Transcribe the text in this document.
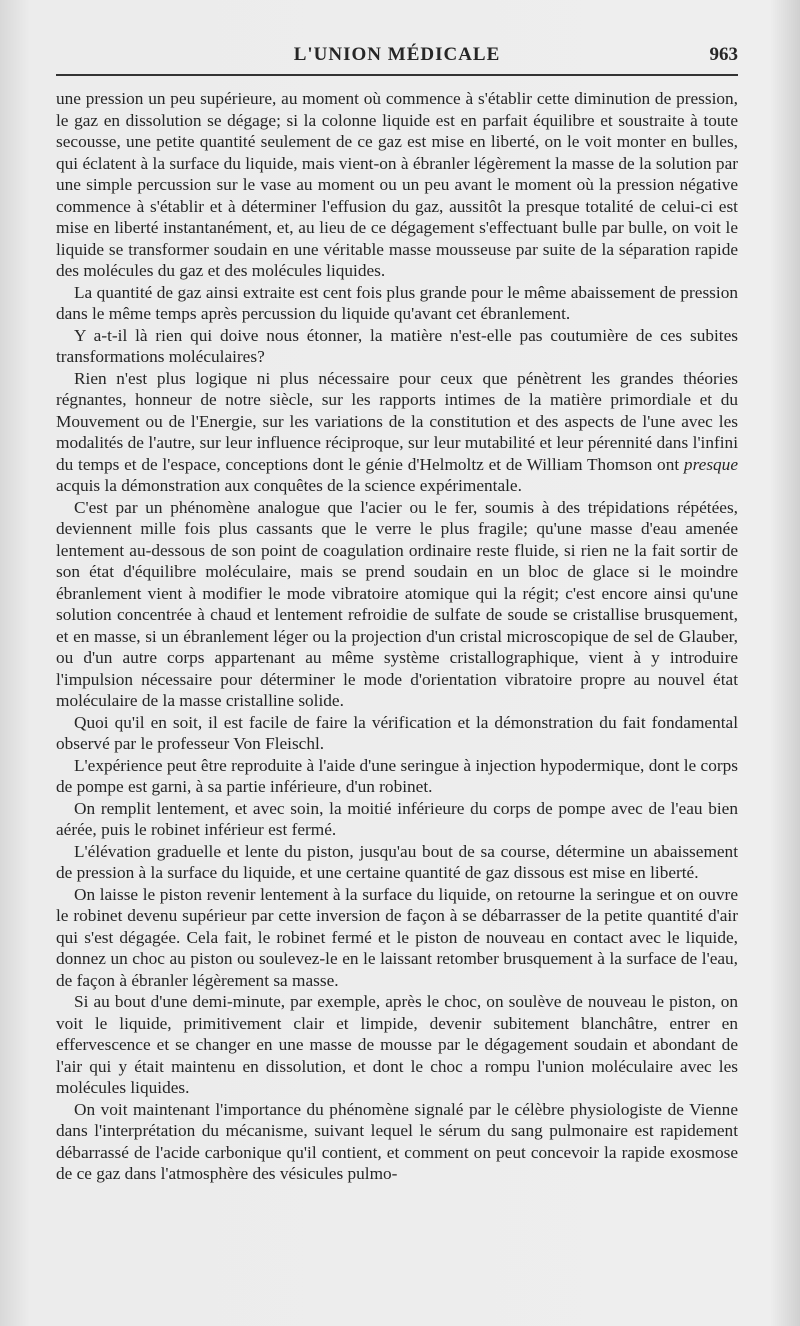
L'UNION MÉDICALE	963

une pression un peu supérieure, au moment où commence à s'établir cette diminution de pression, le gaz en dissolution se dégage; si la colonne liquide est en parfait équilibre et soustraite à toute secousse, une petite quantité seulement de ce gaz est mise en liberté, on le voit monter en bulles, qui éclatent à la surface du liquide, mais vient-on à ébranler légèrement la masse de la solution par une simple percussion sur le vase au moment ou un peu avant le moment où la pression négative commence à s'établir et à déterminer l'effusion du gaz, aussitôt la presque totalité de celui-ci est mise en liberté instantanément, et, au lieu de ce dégagement s'effectuant bulle par bulle, on voit le liquide se transformer soudain en une véritable masse mousseuse par suite de la séparation rapide des molécules du gaz et des molécules liquides.

La quantité de gaz ainsi extraite est cent fois plus grande pour le même abaissement de pression dans le même temps après percussion du liquide qu'avant cet ébranlement.

Y a-t-il là rien qui doive nous étonner, la matière n'est-elle pas coutumière de ces subites transformations moléculaires?

Rien n'est plus logique ni plus nécessaire pour ceux que pénètrent les grandes théories régnantes, honneur de notre siècle, sur les rapports intimes de la matière primordiale et du Mouvement ou de l'Energie, sur les variations de la constitution et des aspects de l'une avec les modalités de l'autre, sur leur influence réciproque, sur leur mutabilité et leur pérennité dans l'infini du temps et de l'espace, conceptions dont le génie d'Helmoltz et de William Thomson ont presque acquis la démonstration aux conquêtes de la science expérimentale.

C'est par un phénomène analogue que l'acier ou le fer, soumis à des trépidations répétées, deviennent mille fois plus cassants que le verre le plus fragile; qu'une masse d'eau amenée lentement au-dessous de son point de coagulation ordinaire reste fluide, si rien ne la fait sortir de son état d'équilibre moléculaire, mais se prend soudain en un bloc de glace si le moindre ébranlement vient à modifier le mode vibratoire atomique qui la régit; c'est encore ainsi qu'une solution concentrée à chaud et lentement refroidie de sulfate de soude se cristallise brusquement, et en masse, si un ébranlement léger ou la projection d'un cristal microscopique de sel de Glauber, ou d'un autre corps appartenant au même système cristallographique, vient à y introduire l'impulsion nécessaire pour déterminer le mode d'orientation vibratoire propre au nouvel état moléculaire de la masse cristalline solide.

Quoi qu'il en soit, il est facile de faire la vérification et la démonstration du fait fondamental observé par le professeur Von Fleischl.

L'expérience peut être reproduite à l'aide d'une seringue à injection hypodermique, dont le corps de pompe est garni, à sa partie inférieure, d'un robinet.

On remplit lentement, et avec soin, la moitié inférieure du corps de pompe avec de l'eau bien aérée, puis le robinet inférieur est fermé.

L'élévation graduelle et lente du piston, jusqu'au bout de sa course, détermine un abaissement de pression à la surface du liquide, et une certaine quantité de gaz dissous est mise en liberté.

On laisse le piston revenir lentement à la surface du liquide, on retourne la seringue et on ouvre le robinet devenu supérieur par cette inversion de façon à se débarrasser de la petite quantité d'air qui s'est dégagée. Cela fait, le robinet fermé et le piston de nouveau en contact avec le liquide, donnez un choc au piston ou soulevez-le en le laissant retomber brusquement à la surface de l'eau, de façon à ébranler légèrement sa masse.

Si au bout d'une demi-minute, par exemple, après le choc, on soulève de nouveau le piston, on voit le liquide, primitivement clair et limpide, devenir subitement blanchâtre, entrer en effervescence et se changer en une masse de mousse par le dégagement soudain et abondant de l'air qui y était maintenu en dissolution, et dont le choc a rompu l'union moléculaire avec les molécules liquides.

On voit maintenant l'importance du phénomène signalé par le célèbre physiologiste de Vienne dans l'interprétation du mécanisme, suivant lequel le sérum du sang pulmonaire est rapidement débarrassé de l'acide carbonique qu'il contient, et comment on peut concevoir la rapide exosmose de ce gaz dans l'atmosphère des vésicules pulmo-
